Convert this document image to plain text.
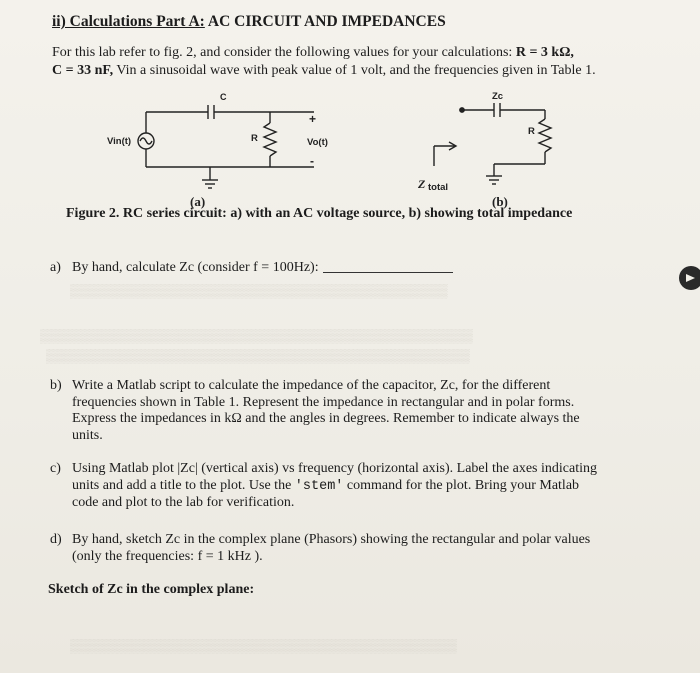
▒▒▒▒▒▒▒▒▒▒▒▒▒▒▒▒▒▒▒▒▒▒▒▒▒▒▒▒▒▒▒▒▒▒▒▒▒▒▒▒▒
▒▒▒▒▒▒▒▒▒▒▒▒▒▒▒▒▒▒▒▒▒▒▒▒▒▒▒▒▒▒▒▒▒▒▒▒▒▒▒▒▒▒▒▒▒▒▒
▒▒▒▒▒▒▒▒▒▒▒▒▒▒▒▒▒▒▒▒▒▒▒▒▒▒▒▒▒▒▒▒▒▒▒▒▒▒▒▒▒▒▒▒▒▒
▒▒▒▒▒▒▒▒▒▒▒▒▒▒▒▒▒▒▒▒▒▒▒▒▒▒▒▒▒▒▒▒▒▒▒▒▒▒▒▒▒▒
ii) Calculations Part A: AC CIRCUIT AND IMPEDANCES
For this lab refer to fig. 2, and consider the following values for your calculations: R = 3 kΩ,
C = 33 nF, Vin a sinusoidal wave with peak value of 1 volt, and the frequencies given in Table 1.
Vin(t)
C
R
+
Vo(t)
-
Zc
R
Z total
(a)	(b)
Figure 2. RC series circuit: a) with an AC voltage source, b) showing total impedance
a) By hand, calculate Zc (consider f = 100Hz):
b) Write a Matlab script to calculate the impedance of the capacitor, Zc, for the different
frequencies shown in Table 1. Represent the impedance in rectangular and in polar forms.
Express the impedances in kΩ and the angles in degrees. Remember to indicate always the
units.
c) Using Matlab plot |Zc| (vertical axis) vs frequency (horizontal axis). Label the axes indicating
units and add a title to the plot. Use the 'stem' command for the plot. Bring your Matlab
code and plot to the lab for verification.
d) By hand, sketch Zc in the complex plane (Phasors) showing the rectangular and polar values
(only the frequencies: f = 1 kHz ).
Sketch of Zc in the complex plane:
